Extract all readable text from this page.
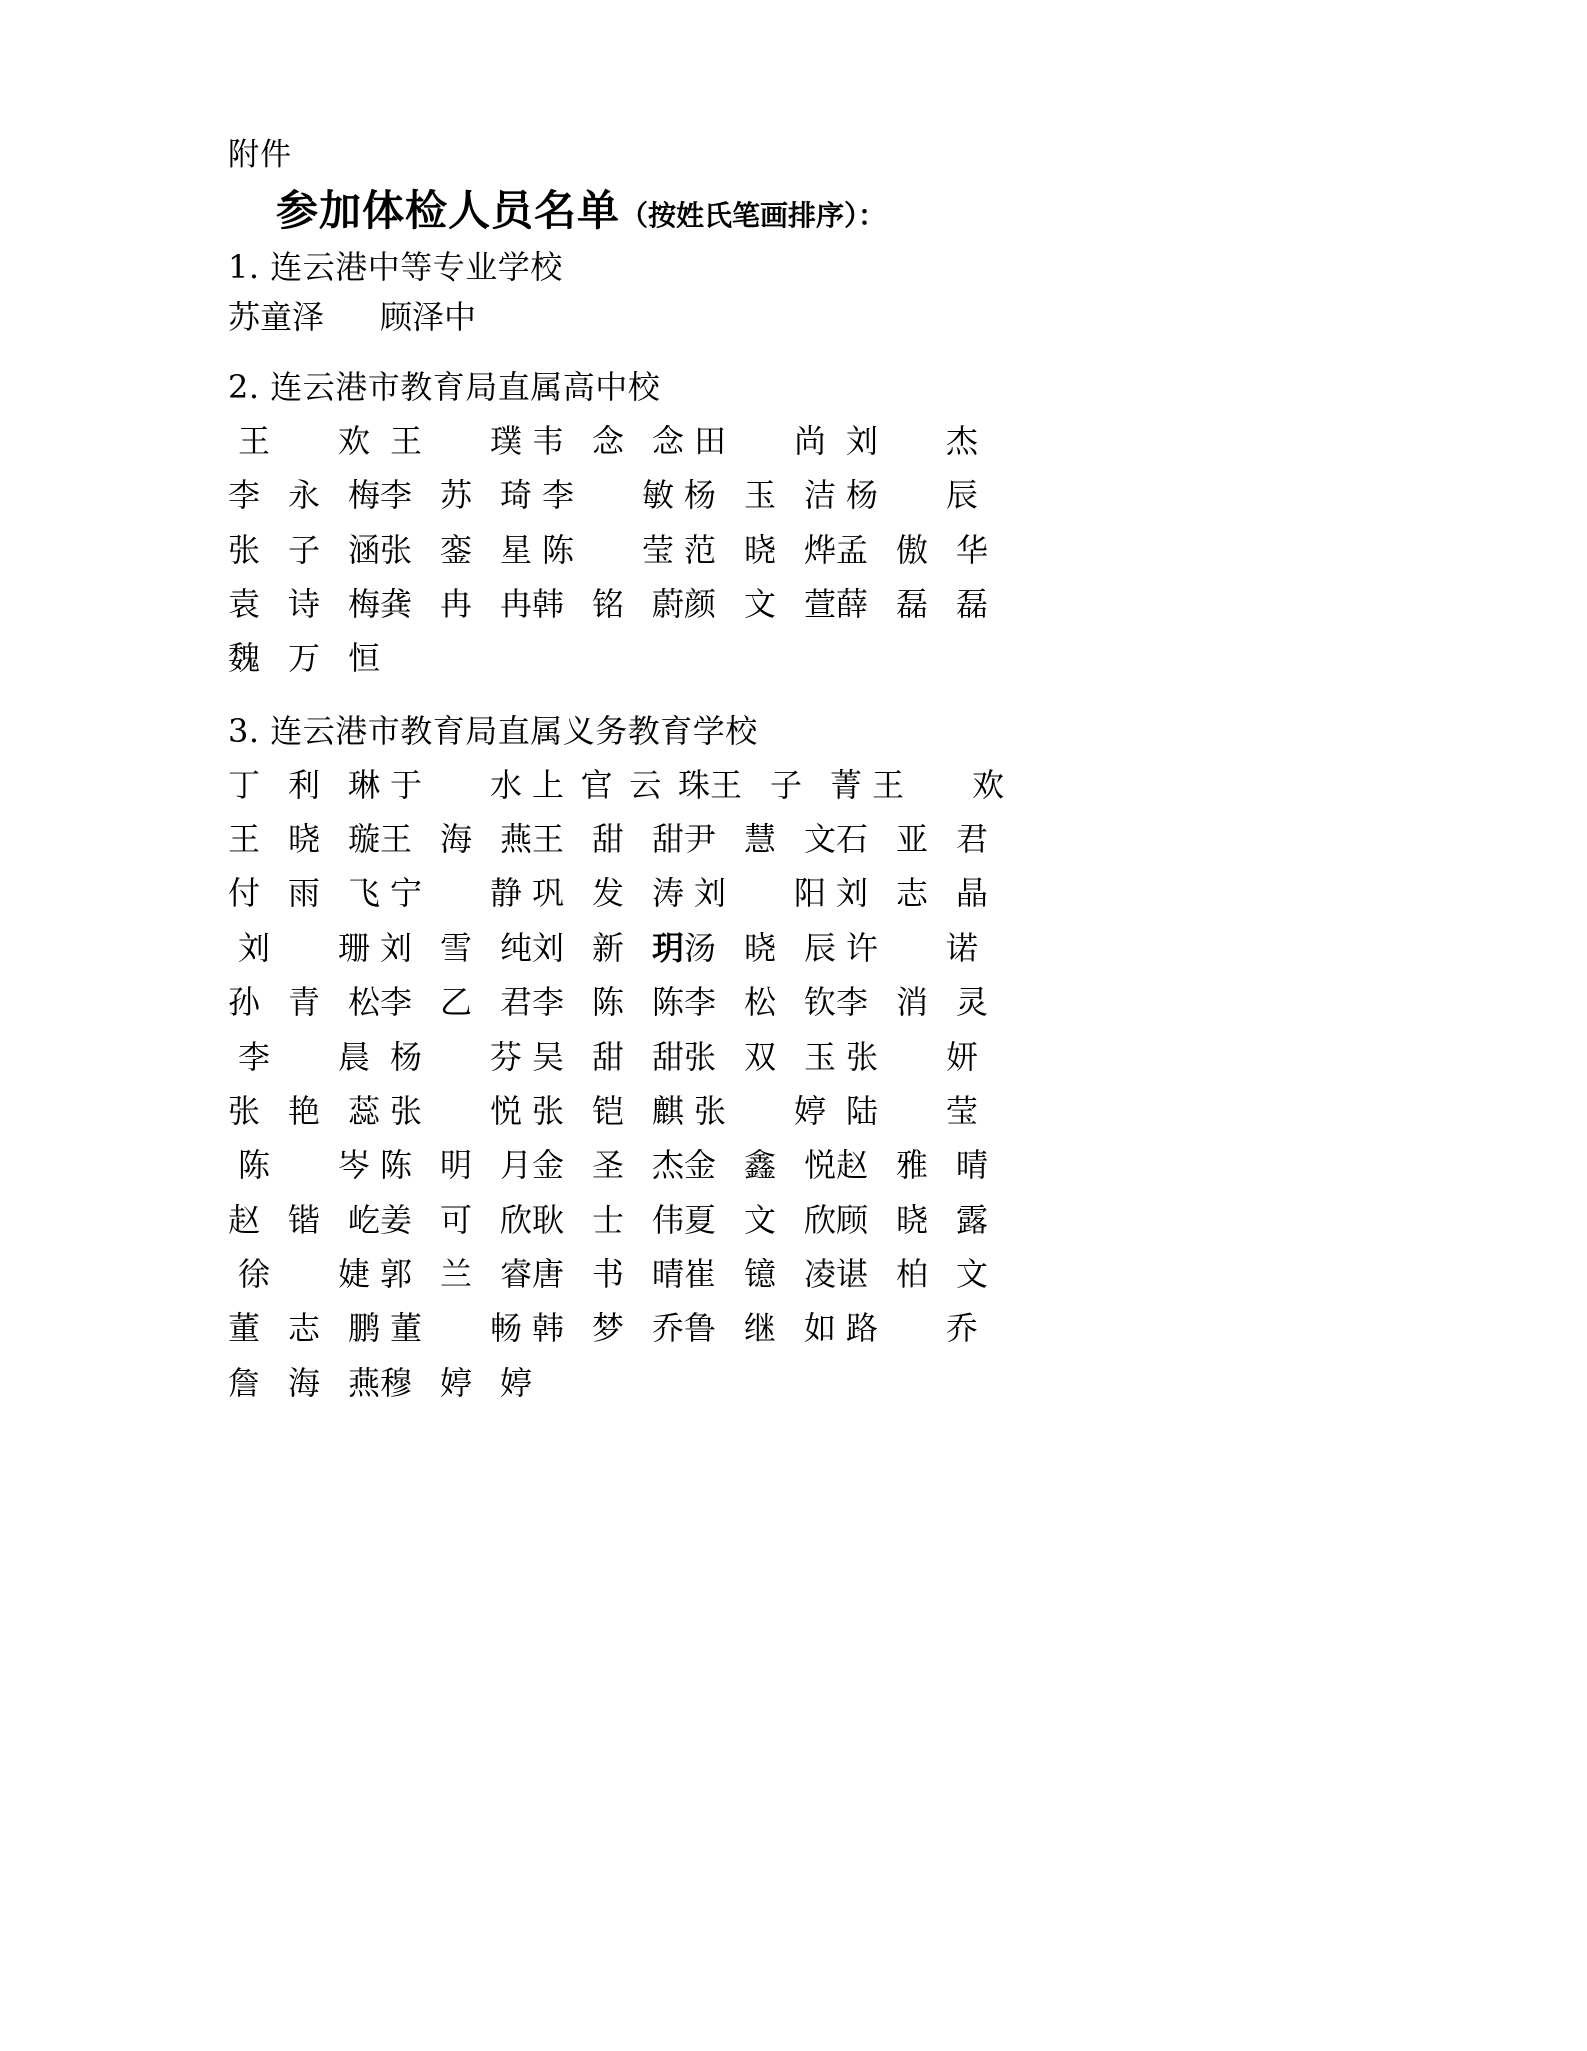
附件
参加体检人员名单（按姓氏笔画排序）：
1. 连云港中等专业学校
苏童泽 顾泽中
2. 连云港市教育局直属高中校
王 欢 王 璞 韦 念 念 田 尚 刘 杰
李 永 梅 李 苏 琦 李 敏 杨 玉 洁 杨 辰
张 子 涵 张 銮 星 陈 莹 范 晓 烨 孟 傲 华
袁 诗 梅 龚 冉 冉 韩 铭 蔚 颜 文 萱 薛 磊 磊
魏 万 恒
3. 连云港市教育局直属义务教育学校
丁 利 琳 于 水 上 官 云 珠 王 子 菁 王 欢
王 晓 璇 王 海 燕 王 甜 甜 尹 慧 文 石 亚 君
付 雨 飞 宁 静 巩 发 涛 刘 阳 刘 志 晶
刘 珊 刘 雪 纯 刘 新 玥 汤 晓 辰 许 诺
孙 青 松 李 乙 君 李 陈 陈 李 松 钦 李 消 灵
李 晨 杨 芬 吴 甜 甜 张 双 玉 张 妍
张 艳 蕊 张 悦 张 铠 麒 张 婷 陆 莹
陈 岑 陈 明 月 金 圣 杰 金 鑫 悦 赵 雅 晴
赵 锴 屹 姜 可 欣 耿 士 伟 夏 文 欣 顾 晓 露
徐 婕 郭 兰 睿 唐 书 晴 崔 镱 凌 谌 柏 文
董 志 鹏 董 畅 韩 梦 乔 鲁 继 如 路 乔
詹 海 燕 穆 婷 婷
